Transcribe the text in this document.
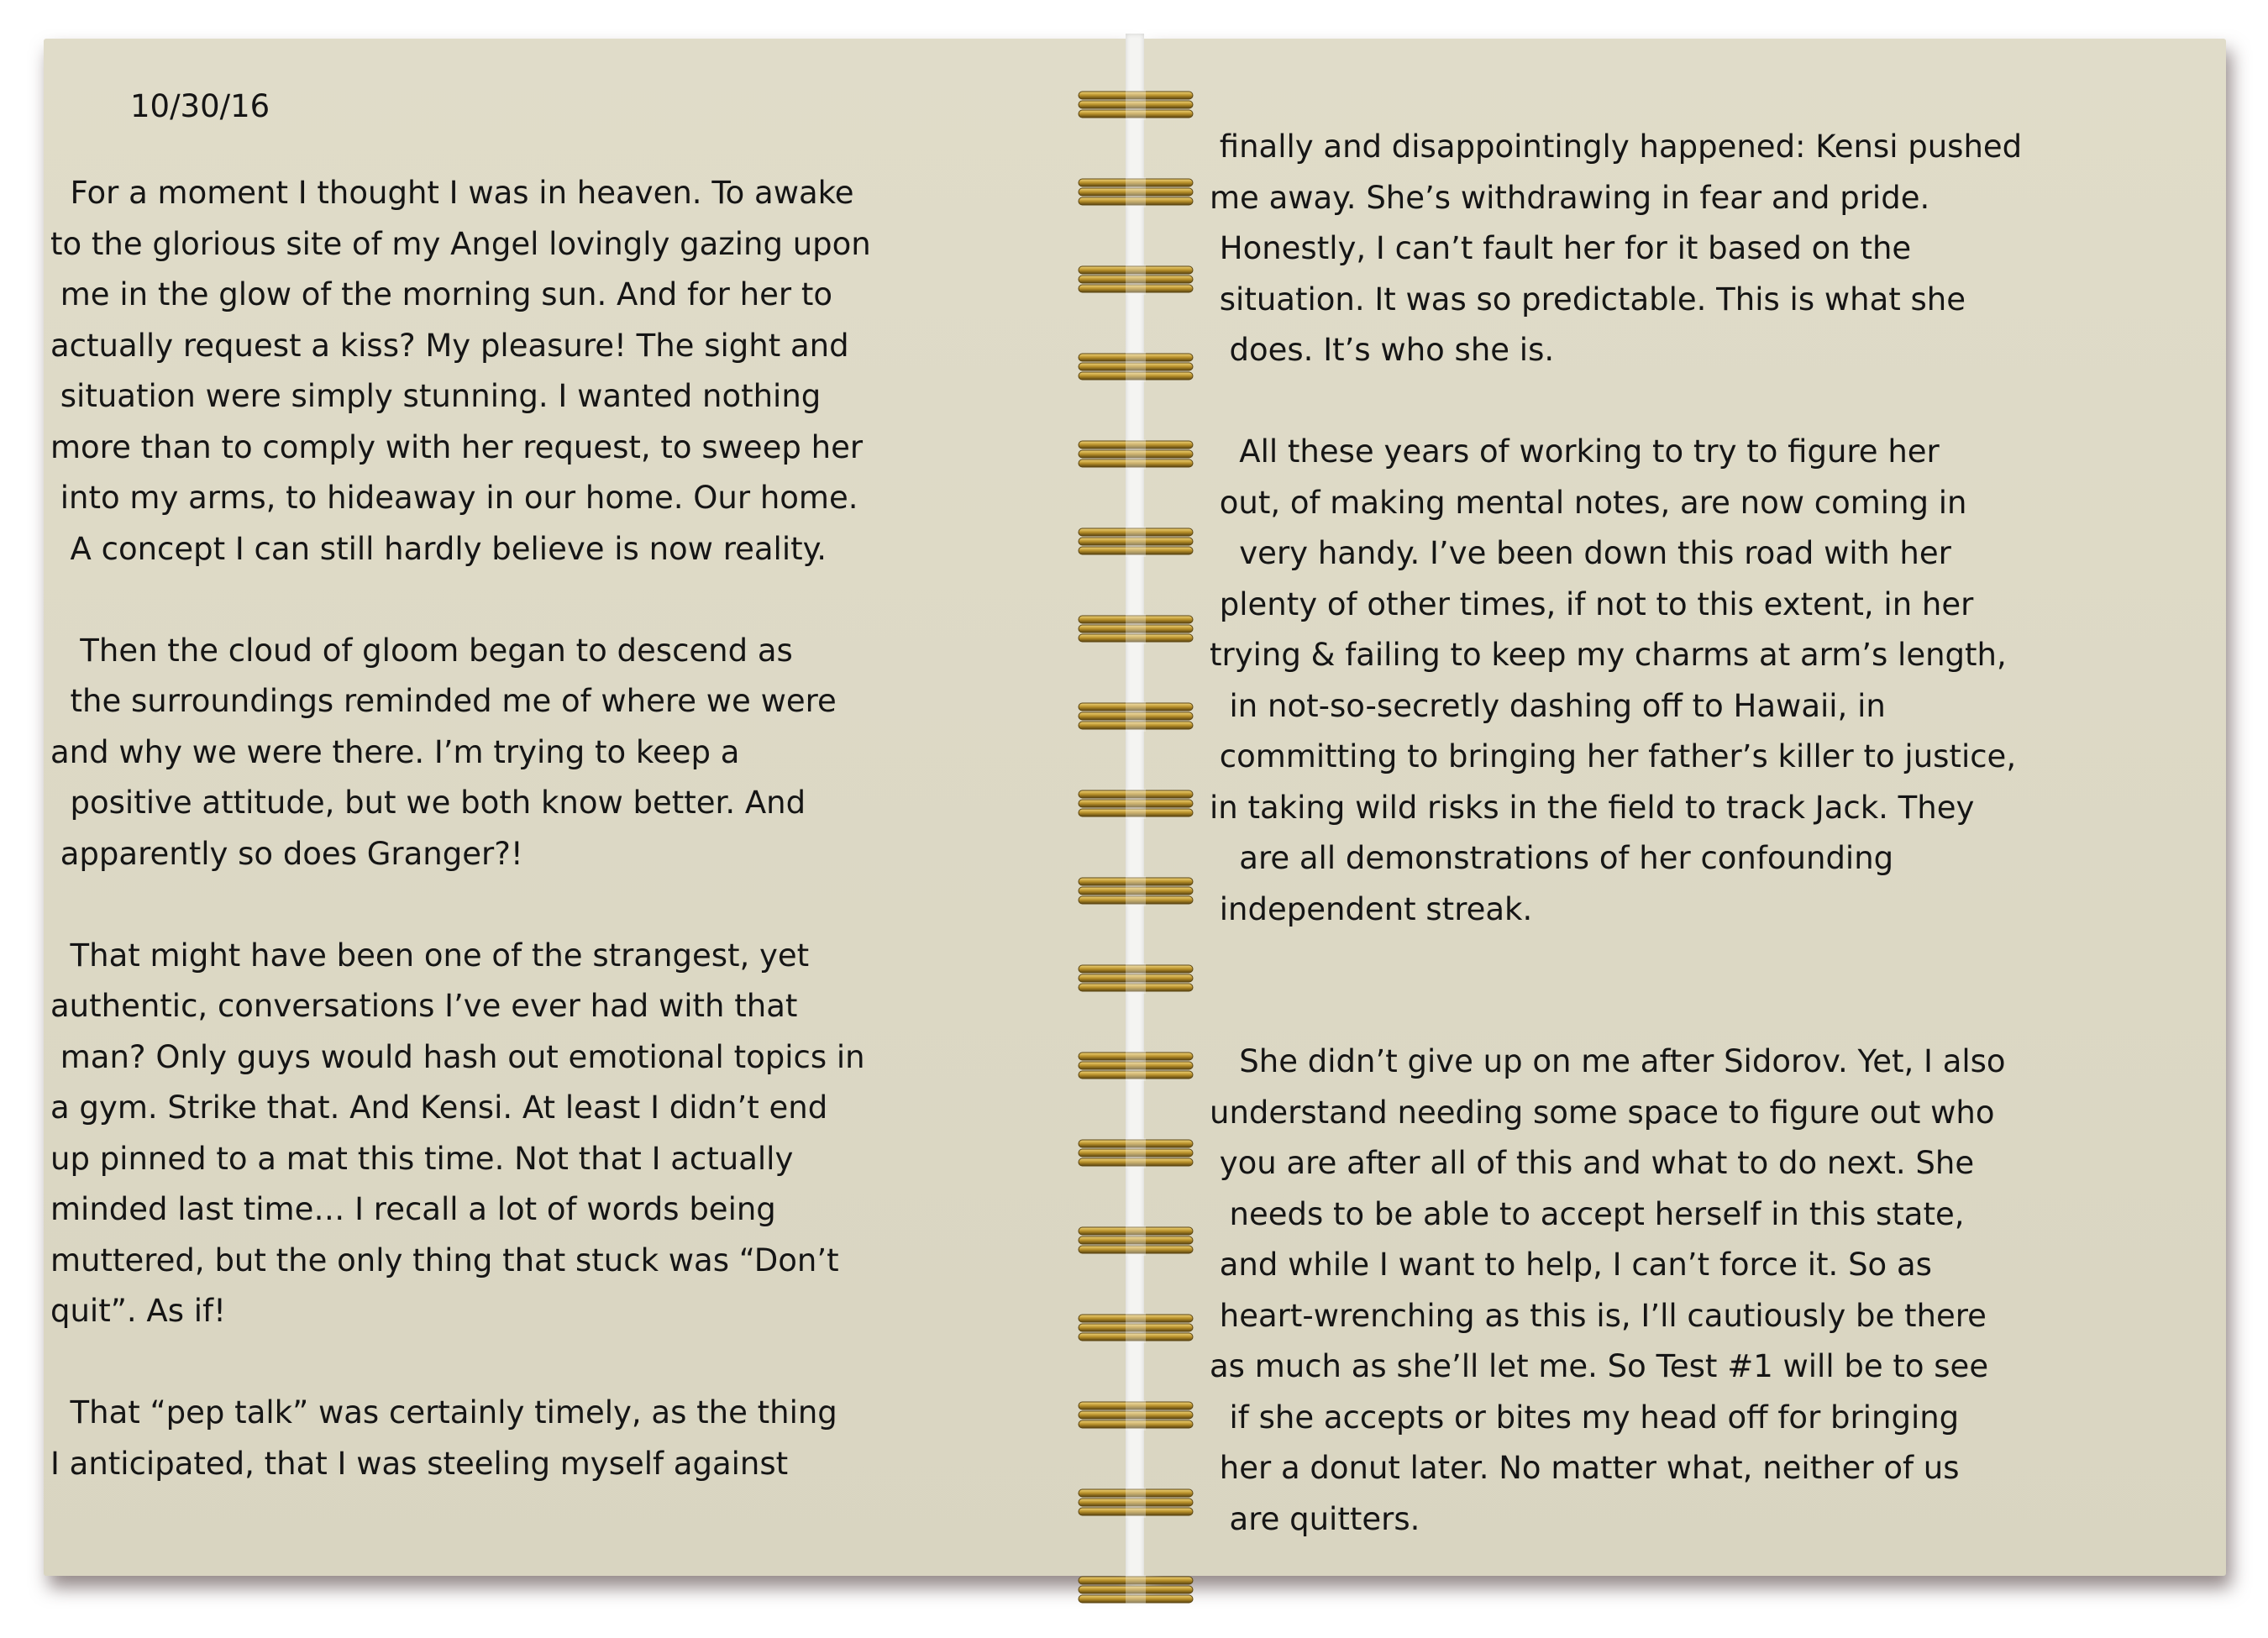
10/30/16
For a moment I thought I was in heaven. To awake
to the glorious site of my Angel lovingly gazing upon
me in the glow of the morning sun. And for her to
actually request a kiss? My pleasure! The sight and
situation were simply stunning. I wanted nothing
more than to comply with her request, to sweep her
into my arms, to hideaway in our home. Our home.
A concept I can still hardly believe is now reality.
Then the cloud of gloom began to descend as
the surroundings reminded me of where we were
and why we were there. I’m trying to keep a
positive attitude, but we both know better. And
apparently so does Granger?!
That might have been one of the strangest, yet
authentic, conversations I’ve ever had with that
man? Only guys would hash out emotional topics in
a gym. Strike that. And Kensi. At least I didn’t end
up pinned to a mat this time. Not that I actually
minded last time… I recall a lot of words being
muttered, but the only thing that stuck was “Don’t
quit”. As if!
That “pep talk” was certainly timely, as the thing
I anticipated, that I was steeling myself against
finally and disappointingly happened: Kensi pushed
me away. She’s withdrawing in fear and pride.
Honestly, I can’t fault her for it based on the
situation. It was so predictable. This is what she
does. It’s who she is.
All these years of working to try to figure her
out, of making mental notes, are now coming in
very handy. I’ve been down this road with her
plenty of other times, if not to this extent, in her
trying & failing to keep my charms at arm’s length,
in not-so-secretly dashing off to Hawaii, in
committing to bringing her father’s killer to justice,
in taking wild risks in the field to track Jack. They
are all demonstrations of her confounding
independent streak.
She didn’t give up on me after Sidorov. Yet, I also
understand needing some space to figure out who
you are after all of this and what to do next. She
needs to be able to accept herself in this state,
and while I want to help, I can’t force it. So as
heart-wrenching as this is, I’ll cautiously be there
as much as she’ll let me. So Test #1 will be to see
if she accepts or bites my head off for bringing
her a donut later. No matter what, neither of us
are quitters.
